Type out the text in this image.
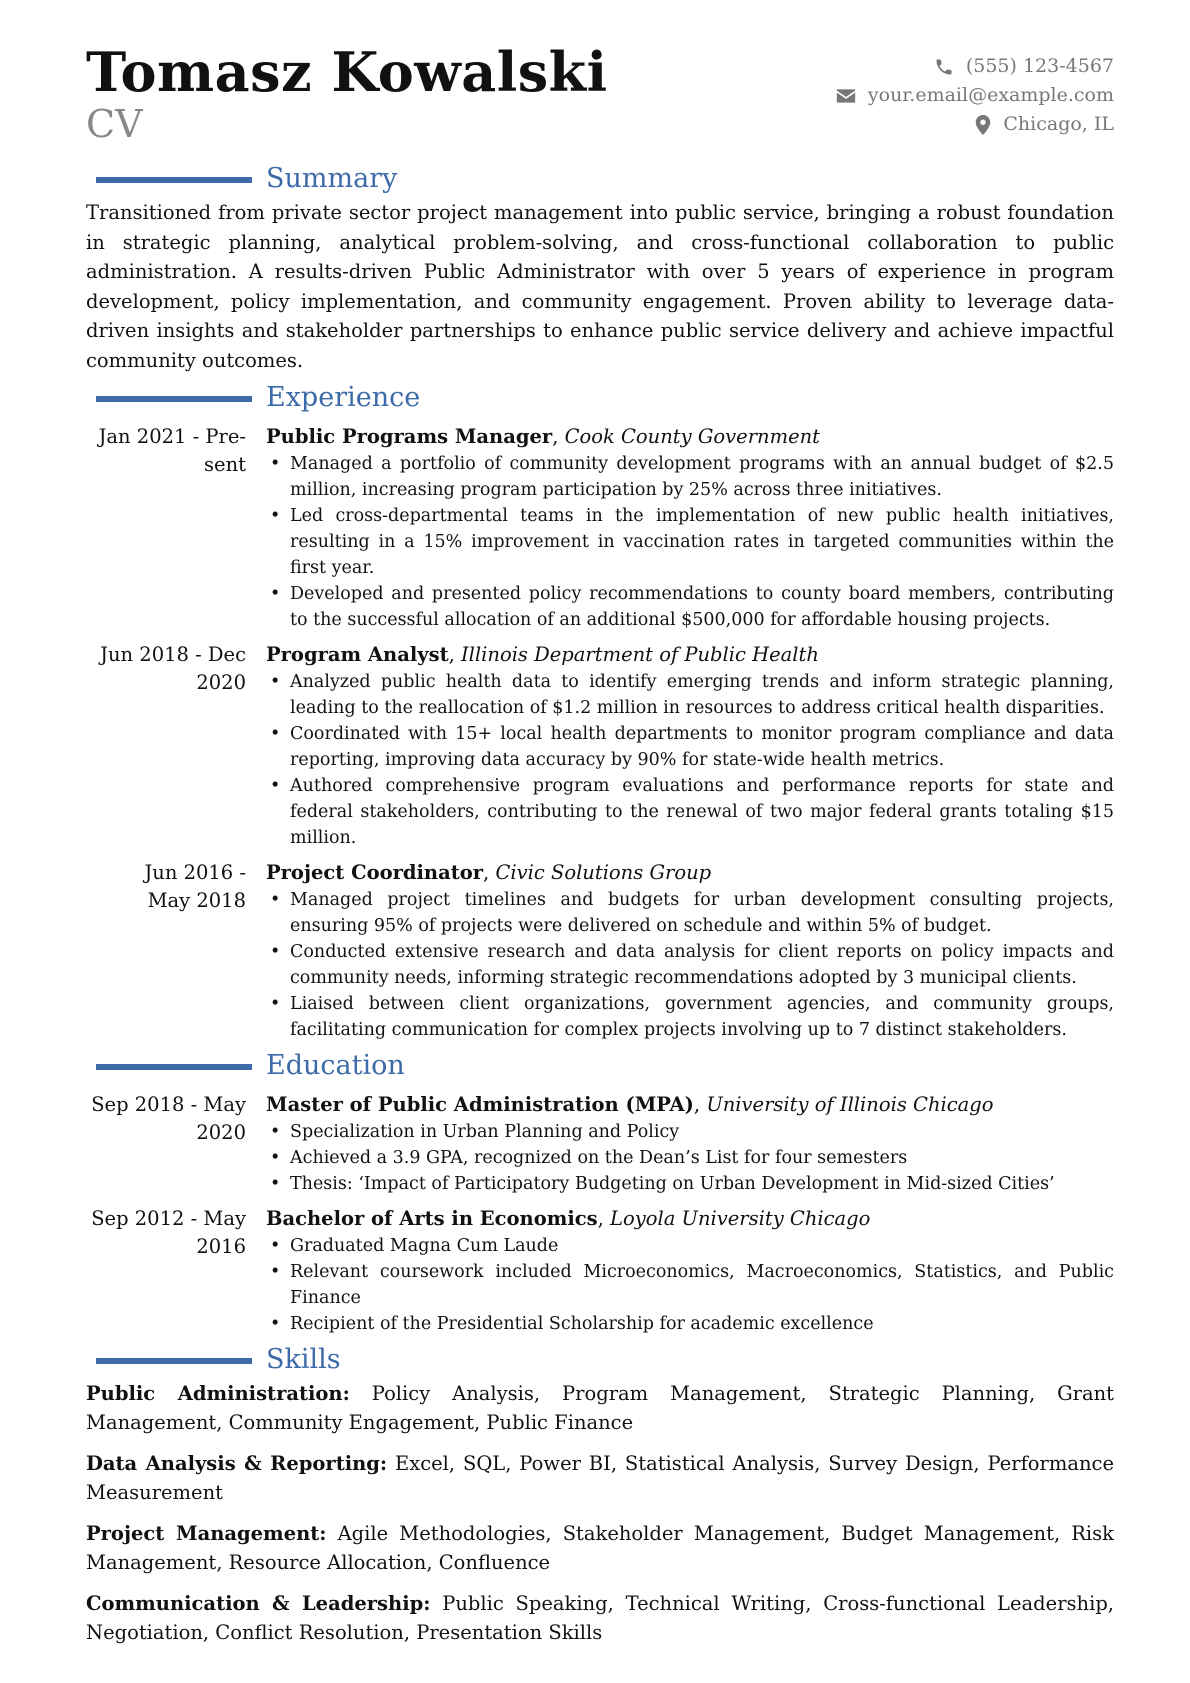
Tomasz Kowalski

CV

(555) 123-4567
your.email@example.com
Chicago, IL
Summary

Transitioned from private sector project management into public service, bringing a robust foundation in strategic planning, analytical problem-solving, and cross-functional collaboration to public administration. A results-driven Public Administrator with over 5 years of experience in program development, policy implementation, and community engagement. Proven ability to leverage data-driven insights and stakeholder partnerships to enhance public service delivery and achieve impactful community outcomes.

Experience
Jan 2021 - Pre-
sent
Public Programs Manager, Cook County Government
• Managed a portfolio of community development programs with an annual budget of $2.5 million, increasing program participation by 25% across three initiatives.
• Led cross-departmental teams in the implementation of new public health initiatives, resulting in a 15% improvement in vaccination rates in targeted communities within the first year.
• Developed and presented policy recommendations to county board members, contributing to the successful allocation of an additional $500,000 for affordable housing projects.
Jun 2018 - Dec
2020
Program Analyst, Illinois Department of Public Health
• Analyzed public health data to identify emerging trends and inform strategic planning, leading to the reallocation of $1.2 million in resources to address critical health disparities.
• Coordinated with 15+ local health departments to monitor program compliance and data reporting, improving data accuracy by 90% for state-wide health metrics.
• Authored comprehensive program evaluations and performance reports for state and federal stakeholders, contributing to the renewal of two major federal grants totaling $15 million.
Jun 2016 -
May 2018
Project Coordinator, Civic Solutions Group
• Managed project timelines and budgets for urban development consulting projects, ensuring 95% of projects were delivered on schedule and within 5% of budget.
• Conducted extensive research and data analysis for client reports on policy impacts and community needs, informing strategic recommendations adopted by 3 municipal clients.
• Liaised between client organizations, government agencies, and community groups, facilitating communication for complex projects involving up to 7 distinct stakeholders.
Education
Sep 2018 - May
2020
Master of Public Administration (MPA), University of Illinois Chicago
• Specialization in Urban Planning and Policy
• Achieved a 3.9 GPA, recognized on the Dean’s List for four semesters
• Thesis: ‘Impact of Participatory Budgeting on Urban Development in Mid-sized Cities’
Sep 2012 - May
2016
Bachelor of Arts in Economics, Loyola University Chicago
• Graduated Magna Cum Laude
• Relevant coursework included Microeconomics, Macroeconomics, Statistics, and Public Finance
• Recipient of the Presidential Scholarship for academic excellence
Skills

Public Administration: Policy Analysis, Program Management, Strategic Planning, Grant Management, Community Engagement, Public Finance

Data Analysis & Reporting: Excel, SQL, Power BI, Statistical Analysis, Survey Design, Performance Measurement

Project Management: Agile Methodologies, Stakeholder Management, Budget Management, Risk Management, Resource Allocation, Confluence

Communication & Leadership: Public Speaking, Technical Writing, Cross-functional Leadership, Negotiation, Conflict Resolution, Presentation Skills
